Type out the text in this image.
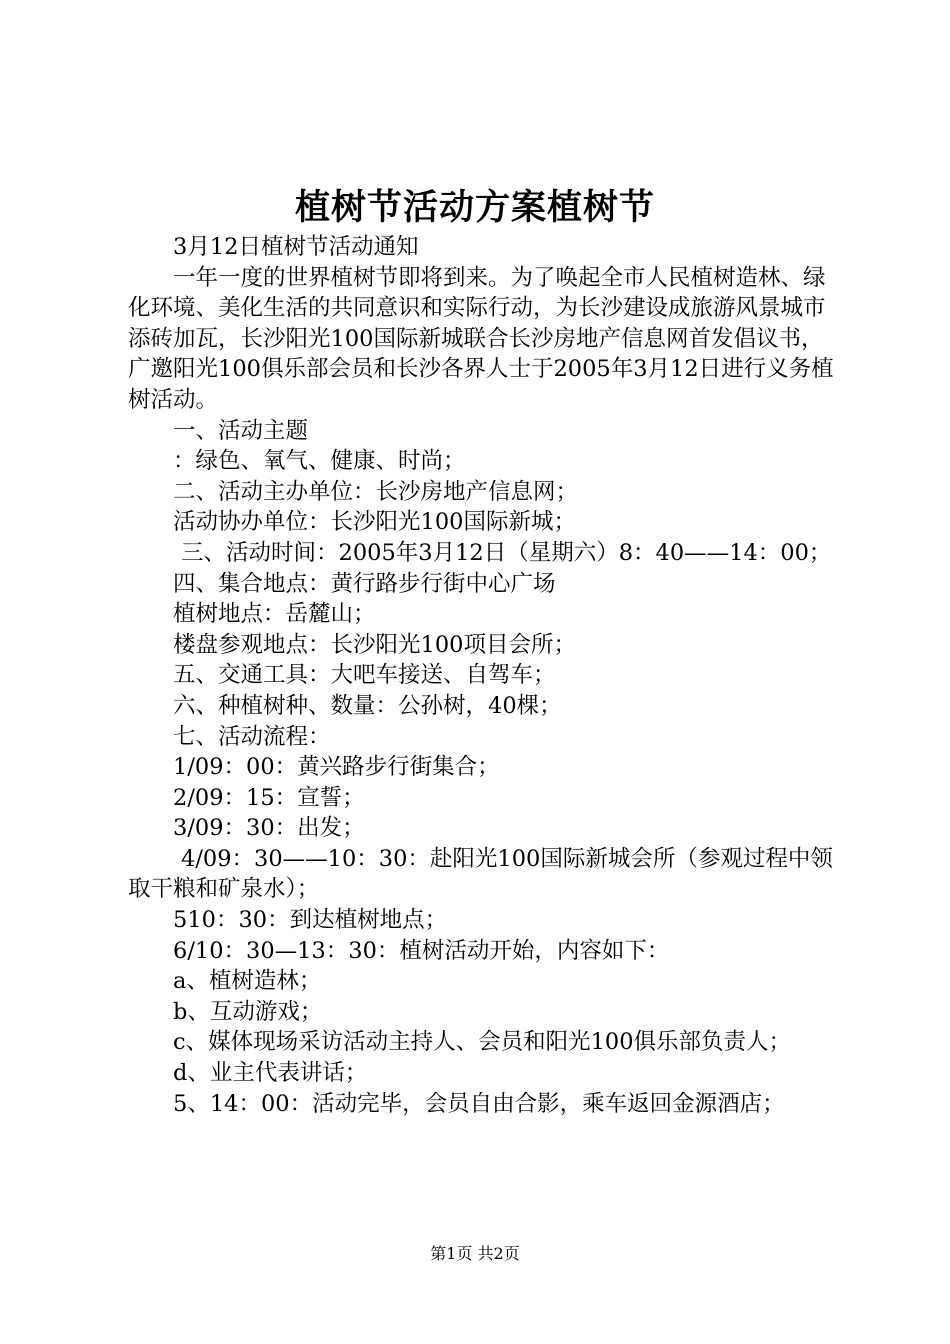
植树节活动方案植树节

3月12日植树节活动通知

一年一度的世界植树节即将到来。为了唤起全市人民植树造林、绿化环境、美化生活的共同意识和实际行动，为长沙建设成旅游风景城市添砖加瓦，长沙阳光100国际新城联合长沙房地产信息网首发倡议书，广邀阳光100俱乐部会员和长沙各界人士于2005年3月12日进行义务植树活动。

一、活动主题

：绿色、氧气、健康、时尚；

二、活动主办单位：长沙房地产信息网；

活动协办单位：长沙阳光100国际新城；

三、活动时间：2005年3月12日（星期六）8：40——14：00；

四、集合地点：黄行路步行街中心广场

植树地点：岳麓山；

楼盘参观地点：长沙阳光100项目会所；

五、交通工具：大吧车接送、自驾车；

六、种植树种、数量：公孙树，40棵；

七、活动流程：

1/09：00：黄兴路步行街集合；

2/09：15：宣誓；

3/09：30：出发；

4/09：30——10：30：赴阳光100国际新城会所（参观过程中领取干粮和矿泉水）；

510：30：到达植树地点；

6/10：30—13：30：植树活动开始，内容如下：

a、植树造林；

b、互动游戏；

c、媒体现场采访活动主持人、会员和阳光100俱乐部负责人；

d、业主代表讲话；

5、14：00：活动完毕，会员自由合影，乘车返回金源酒店；

第1页 共2页
